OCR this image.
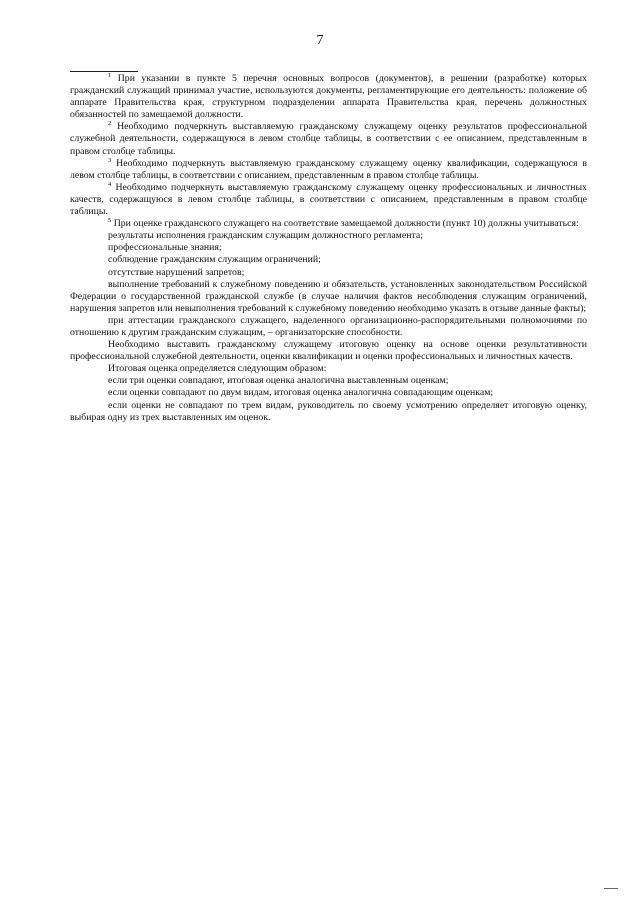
7

$^1$ При указании в пункте 5 перечня основных вопросов (документов), в решении (разработке) которых гражданский служащий принимал участие, используются документы, регламентирующие его деятельность: положение об аппарате Правительства края, структурном подразделении аппарата Правительства края, перечень должностных обязанностей по замещаемой должности.

$^2$ Необходимо подчеркнуть выставляемую гражданскому служащему оценку результатов профессиональной служебной деятельности, содержащуюся в левом столбце таблицы, в соответствии с ее описанием, представленным в правом столбце таблицы.

$^3$ Необходимо подчеркнуть выставляемую гражданскому служащему оценку квалификации, содержащуюся в левом столбце таблицы, в соответствии с описанием, представленным в правом столбце таблицы.

$^4$ Необходимо подчеркнуть выставляемую гражданскому служащему оценку профессиональных и личностных качеств, содержащуюся в левом столбце таблицы, в соответствии с описанием, представленным в правом столбце таблицы.

$^5$ При оценке гражданского служащего на соответствие замещаемой должности (пункт 10) должны учитываться:

результаты исполнения гражданским служащим должностного регламента;

профессиональные знания;

соблюдение гражданским служащим ограничений;

отсутствие нарушений запретов;

выполнение требований к служебному поведению и обязательств, установленных законодательством Российской Федерации о государственной гражданской службе (в случае наличия фактов несоблюдения служащим ограничений, нарушения запретов или невыполнения требований к служебному поведению необходимо указать в отзыве данные факты);

при аттестации гражданского служащего, наделенного организационно-распорядительными полномочиями по отношению к другим гражданским служащим, – организаторские способности.

Необходимо выставить гражданскому служащему итоговую оценку на основе оценки результативности профессиональной служебной деятельности, оценки квалификации и оценки профессиональных и личностных качеств.

Итоговая оценка определяется следующим образом:

если три оценки совпадают, итоговая оценка аналогична выставленным оценкам;

если оценки совпадают по двум видам, итоговая оценка аналогична совпадающим оценкам;

если оценки не совпадают по трем видам, руководитель по своему усмотрению определяет итоговую оценку, выбирая одну из трех выставленных им оценок.
